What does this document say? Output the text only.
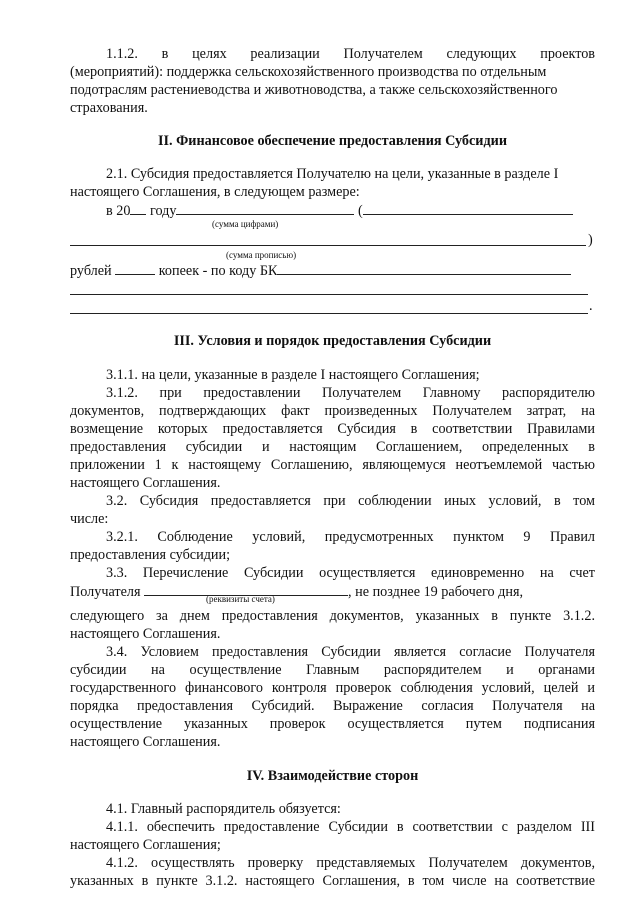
1.1.2. в целях реализации Получателем следующих проектов
(мероприятий): поддержка сельскохозяйственного производства по отдельным
подотраслям растениеводства и животноводства, а также сельскохозяйственного
страхования.
II. Финансовое обеспечение предоставления Субсидии
2.1. Субсидия предоставляется Получателю на цели, указанные в разделе I
настоящего Соглашения, в следующем размере:
в 20 году	(
(сумма цифрами)
)
(сумма прописью)
рублей	копеек - по коду БК
.
III. Условия и порядок предоставления Субсидии
3.1.1. на цели, указанные в разделе I настоящего Соглашения;
3.1.2. при предоставлении Получателем Главному распорядителю
документов, подтверждающих факт произведенных Получателем затрат, на
возмещение которых предоставляется Субсидия в соответствии Правилами
предоставления субсидии и настоящим Соглашением, определенных в
приложении 1 к настоящему Соглашению, являющемуся неотъемлемой частью
настоящего Соглашения.
3.2. Субсидия предоставляется при соблюдении иных условий, в том
числе:
3.2.1. Соблюдение условий, предусмотренных пунктом 9 Правил
предоставления субсидии;
3.3. Перечисление Субсидии осуществляется единовременно на счет
Получателя	, не позднее 19 рабочего дня,
(реквизиты счета)
следующего за днем предоставления документов, указанных в пункте 3.1.2.
настоящего Соглашения.
3.4. Условием предоставления Субсидии является согласие Получателя
субсидии на осуществление Главным распорядителем и органами
государственного финансового контроля проверок соблюдения условий, целей и
порядка предоставления Субсидий. Выражение согласия Получателя на
осуществление указанных проверок осуществляется путем подписания
настоящего Соглашения.
IV. Взаимодействие сторон
4.1. Главный распорядитель обязуется:
4.1.1. обеспечить предоставление Субсидии в соответствии с разделом III
настоящего Соглашения;
4.1.2. осуществлять проверку представляемых Получателем документов,
указанных в пункте 3.1.2. настоящего Соглашения, в том числе на соответствие
